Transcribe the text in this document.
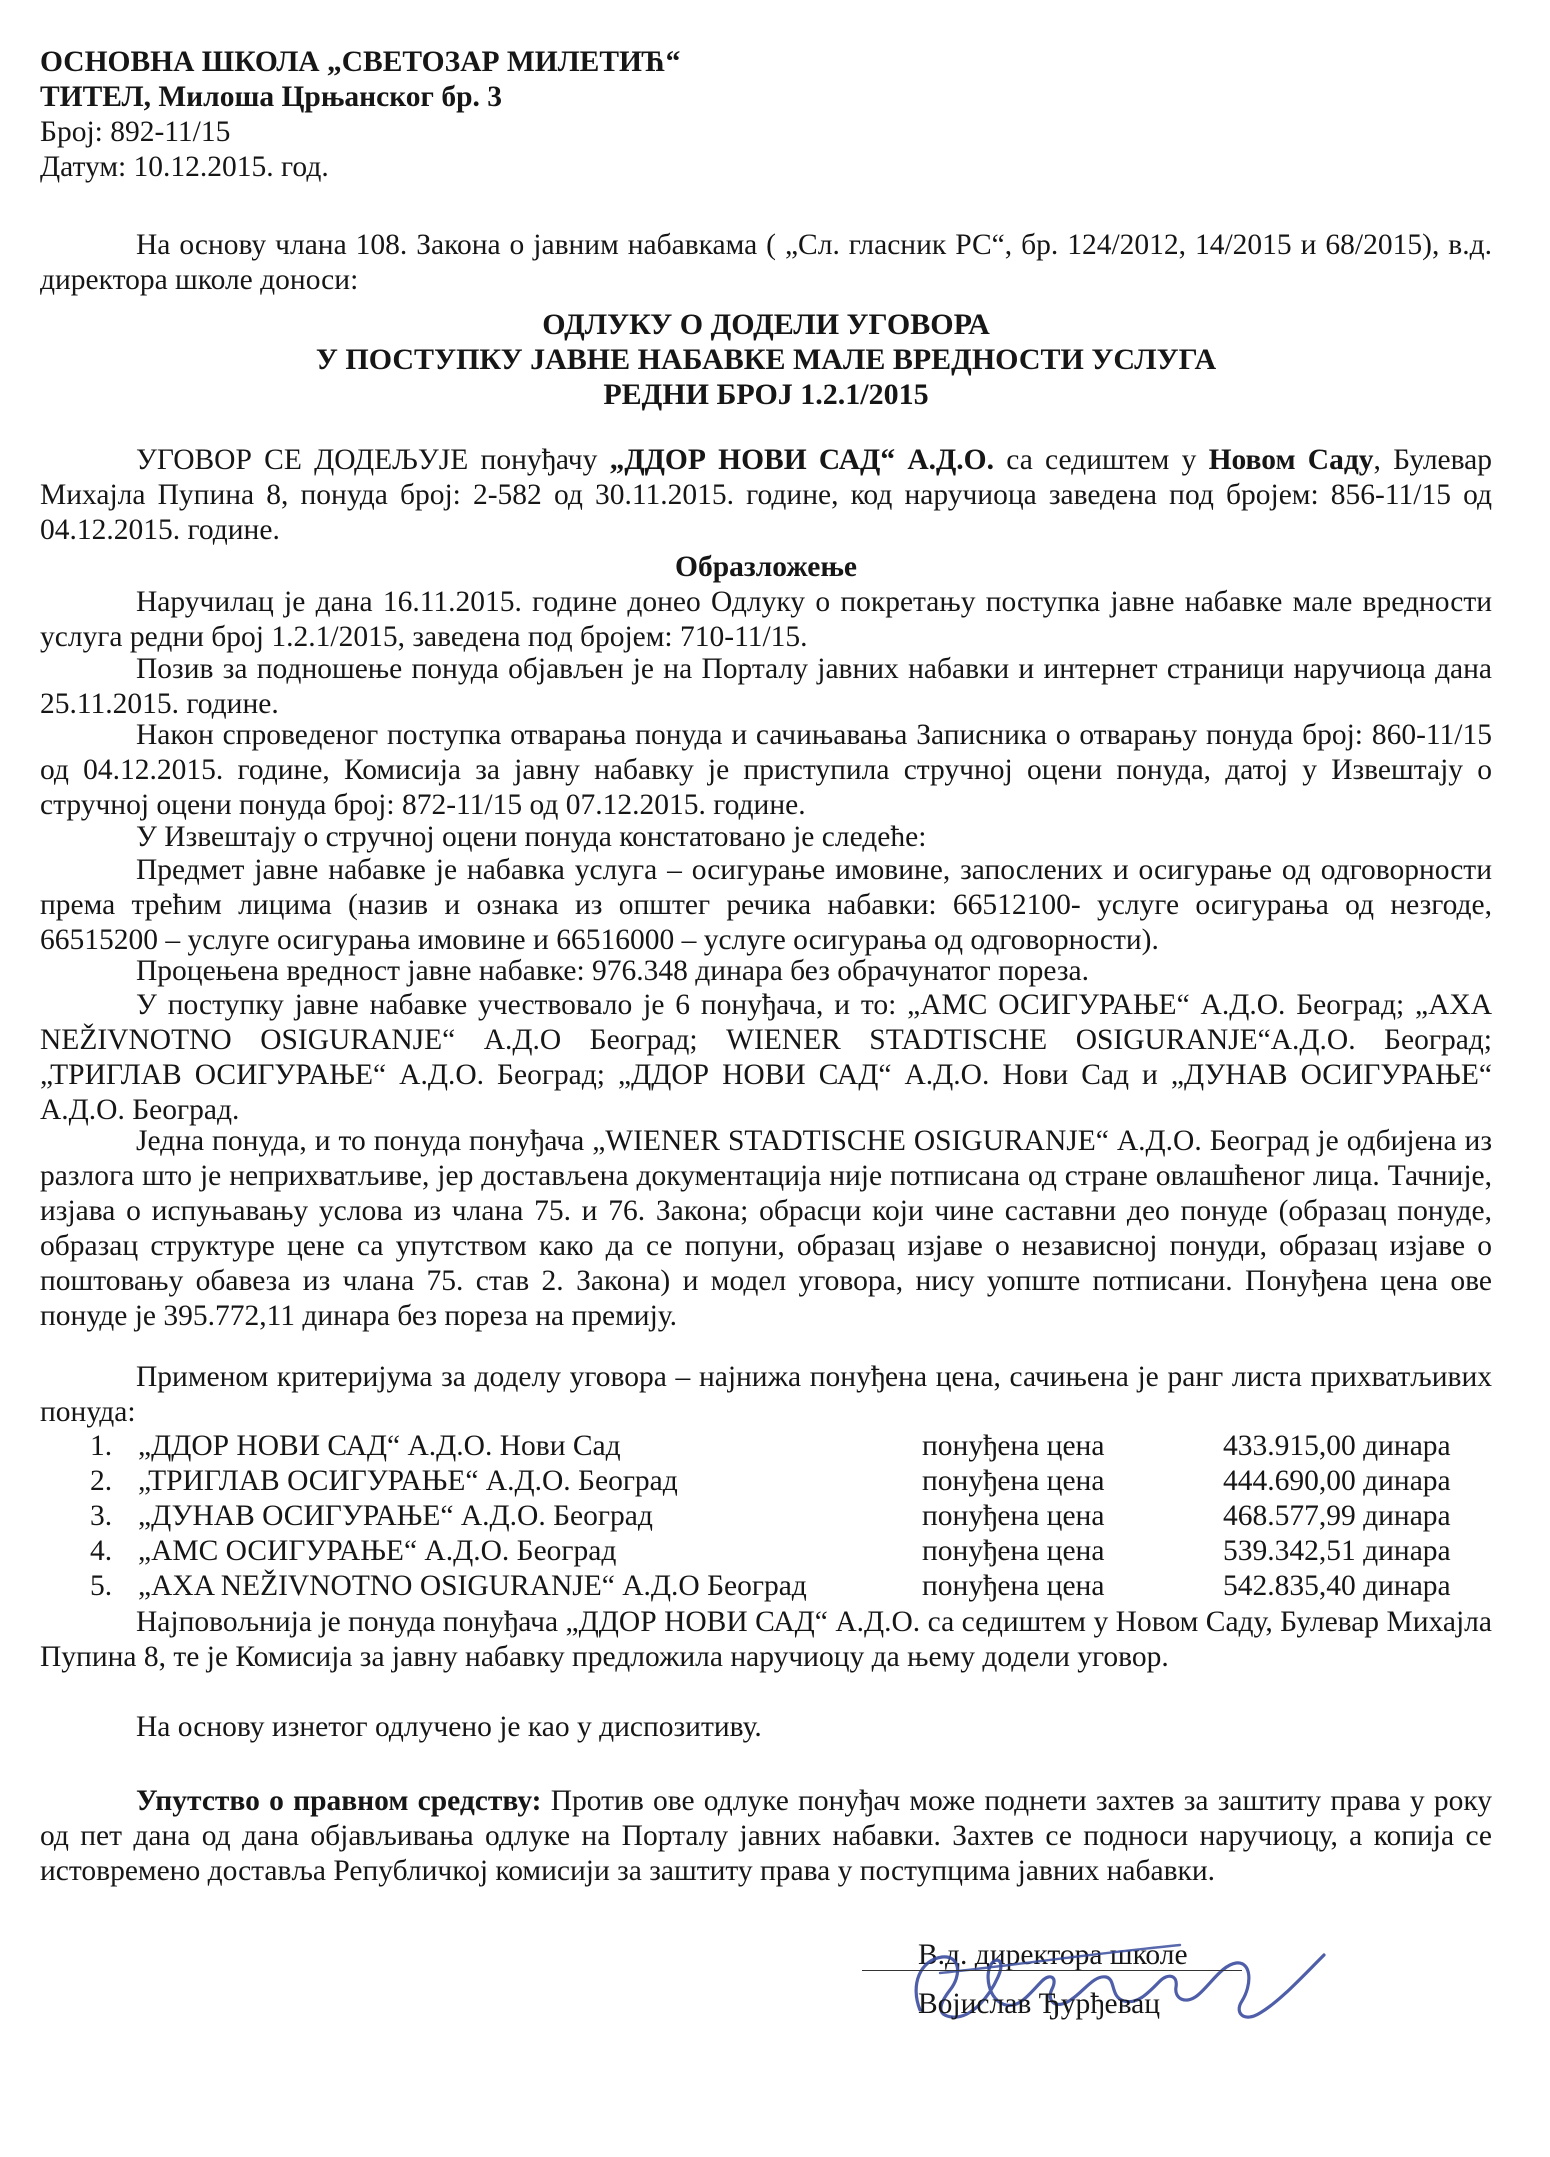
ОСНОВНА ШКОЛА „СВЕТОЗАР МИЛЕТИЋ“
ТИТЕЛ, Милоша Црњанског бр. 3
Број: 892-11/15
Датум: 10.12.2015. год.

На основу члана 108. Закона о јавним набавкама ( „Сл. гласник РС“, бр. 124/2012, 14/2015 и 68/2015), в.д. директора школе доноси:

ОДЛУКУ О ДОДЕЛИ УГОВОРА
У ПОСТУПКУ ЈАВНЕ НАБАВКЕ МАЛЕ ВРЕДНОСТИ УСЛУГА
РЕДНИ БРОЈ 1.2.1/2015

УГОВОР СЕ ДОДЕЉУЈЕ понуђачу „ДДОР НОВИ САД“ А.Д.О. са седиштем у Новом Саду, Булевар Михајла Пупина 8, понуда број: 2-582 од 30.11.2015. године, код наручиоца заведена под бројем: 856-11/15 од 04.12.2015. године.

Образложење

Наручилац је дана 16.11.2015. године донео Одлуку о покретању поступка јавне набавке мале вредности услуга редни број 1.2.1/2015, заведена под бројем: 710-11/15.

Позив за подношење понуда објављен је на Порталу јавних набавки и интернет страници наручиоца дана 25.11.2015. године.

Након спроведеног поступка отварања понуда и сачињавања Записника о отварању понуда број: 860-11/15 од 04.12.2015. године, Комисија за јавну набавку је приступила стручној оцени понуда, датој у Извештају о стручној оцени понуда број: 872-11/15 од 07.12.2015. године.

У Извештају о стручној оцени понуда констатовано је следеће:

Предмет јавне набавке је набавка услуга – осигурање имовине, запослених и осигурање од одговорности према трећим лицима (назив и ознака из општег речика набавки: 66512100- услуге осигурања од незгоде, 66515200 – услуге осигурања имовине и 66516000 – услуге осигурања од одговорности).

Процењена вредност јавне набавке: 976.348 динара без обрачунатог пореза.

У поступку јавне набавке учествовало је 6 понуђача, и то: „АМС ОСИГУРАЊЕ“ А.Д.О. Београд; „AXA NEŽIVNOTNO OSIGURANJE“ А.Д.О Београд; WIENER STADTISCHE OSIGURANJE“А.Д.О. Београд; „ТРИГЛАВ ОСИГУРАЊЕ“ А.Д.О. Београд; „ДДОР НОВИ САД“ А.Д.О. Нови Сад и „ДУНАВ ОСИГУРАЊЕ“ А.Д.О. Београд.

Једна понуда, и то понуда понуђача „WIENER STADTISCHE OSIGURANJE“ А.Д.О. Београд је одбијена из разлога што је неприхватљиве, јер достављена документација није потписана од стране овлашћеног лица. Тачније, изјава о испуњавању услова из члана 75. и 76. Закона; обрасци који чине саставни део понуде (образац понуде, образац структуре цене са упутством како да се попуни, образац изјаве о независној понуди, образац изјаве о поштовању обавеза из члана 75. став 2. Закона) и модел уговора, нису уопште потписани. Понуђена цена ове понуде је 395.772,11 динара без пореза на премију.

Применом критеријума за доделу уговора – најнижа понуђена цена, сачињена је ранг листа прихватљивих понуда:

1. „ДДОР НОВИ САД“ А.Д.О. Нови Сад	понуђена цена	433.915,00 динара
2. „ТРИГЛАВ ОСИГУРАЊЕ“ А.Д.О. Београд	понуђена цена	444.690,00 динара
3. „ДУНАВ ОСИГУРАЊЕ“ А.Д.О. Београд	понуђена цена	468.577,99 динара
4. „АМС ОСИГУРАЊЕ“ А.Д.О. Београд	понуђена цена	539.342,51 динара
5. „AXA NEŽIVNOTNO OSIGURANJE“ А.Д.О Београд	понуђена цена	542.835,40 динара

Најповољнија је понуда понуђача „ДДОР НОВИ САД“ А.Д.О. са седиштем у Новом Саду, Булевар Михајла Пупина 8, те је Комисија за јавну набавку предложила наручиоцу да њему додели уговор.

На основу изнетог одлучено је као у диспозитиву.

Упутство о правном средству: Против ове одлуке понуђач може поднети захтев за заштиту права у року од пет дана од дана објављивања одлуке на Порталу јавних набавки. Захтев се подноси наручиоцу, а копија се истовремено доставља Републичкој комисији за заштиту права у поступцима јавних набавки.

В.д. директора школе
Војислав Ђурђевац
